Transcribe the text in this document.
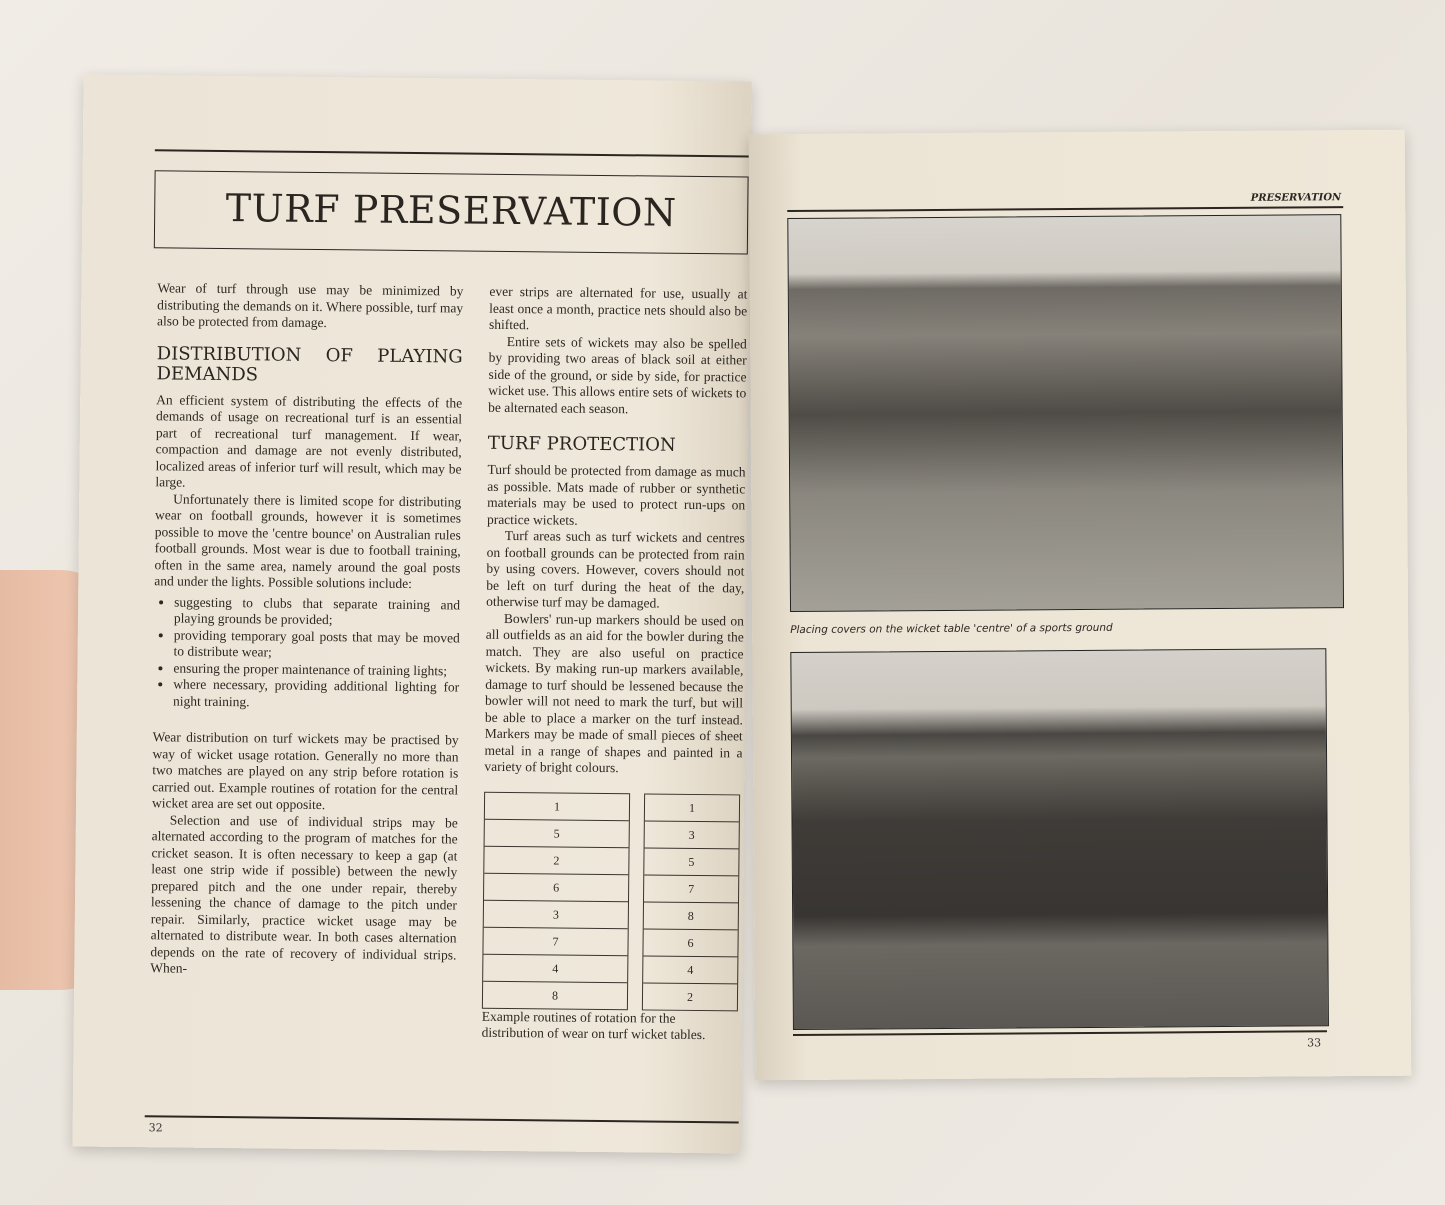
TURF PRESERVATION

Wear of turf through use may be minimized by distributing the demands on it. Where possible, turf may also be protected from damage.

DISTRIBUTION OF PLAYING DEMANDS

An efficient system of distributing the effects of the demands of usage on recreational turf is an essential part of recreational turf management. If wear, compaction and damage are not evenly distributed, localized areas of inferior turf will result, which may be large.

Unfortunately there is limited scope for distributing wear on football grounds, however it is sometimes possible to move the 'centre bounce' on Australian rules football grounds. Most wear is due to football training, often in the same area, namely around the goal posts and under the lights. Possible solutions include:

• suggesting to clubs that separate training and playing grounds be provided;
• providing temporary goal posts that may be moved to distribute wear;
• ensuring the proper maintenance of training lights;
• where necessary, providing additional lighting for night training.

Wear distribution on turf wickets may be practised by way of wicket usage rotation. Generally no more than two matches are played on any strip before rotation is carried out. Example routines of rotation for the central wicket area are set out opposite.

Selection and use of individual strips may be alternated according to the program of matches for the cricket season. It is often necessary to keep a gap (at least one strip wide if possible) between the newly prepared pitch and the one under repair, thereby lessening the chance of damage to the pitch under repair. Similarly, practice wicket usage may be alternated to distribute wear. In both cases alternation depends on the rate of recovery of individual strips. When-

ever strips are alternated for use, usually at least once a month, practice nets should also be shifted.

Entire sets of wickets may also be spelled by providing two areas of black soil at either side of the ground, or side by side, for practice wicket use. This allows entire sets of wickets to be alternated each season.

TURF PROTECTION

Turf should be protected from damage as much as possible. Mats made of rubber or synthetic materials may be used to protect run-ups on practice wickets.

Turf areas such as turf wickets and centres on football grounds can be protected from rain by using covers. However, covers should not be left on turf during the heat of the day, otherwise turf may be damaged.

Bowlers' run-up markers should be used on all outfields as an aid for the bowler during the match. They are also useful on practice wickets. By making run-up markers available, damage to turf should be lessened because the bowler will not need to mark the turf, but will be able to place a marker on the turf instead. Markers may be made of small pieces of sheet metal in a range of shapes and painted in a variety of bright colours.

1
5
2
6
3
7
4
8
1
3
5
7
8
6
4
2

Example routines of rotation for the distribution of wear on turf wicket tables.

32
PRESERVATION
Placing covers on the wicket table 'centre' of a sports ground
33
